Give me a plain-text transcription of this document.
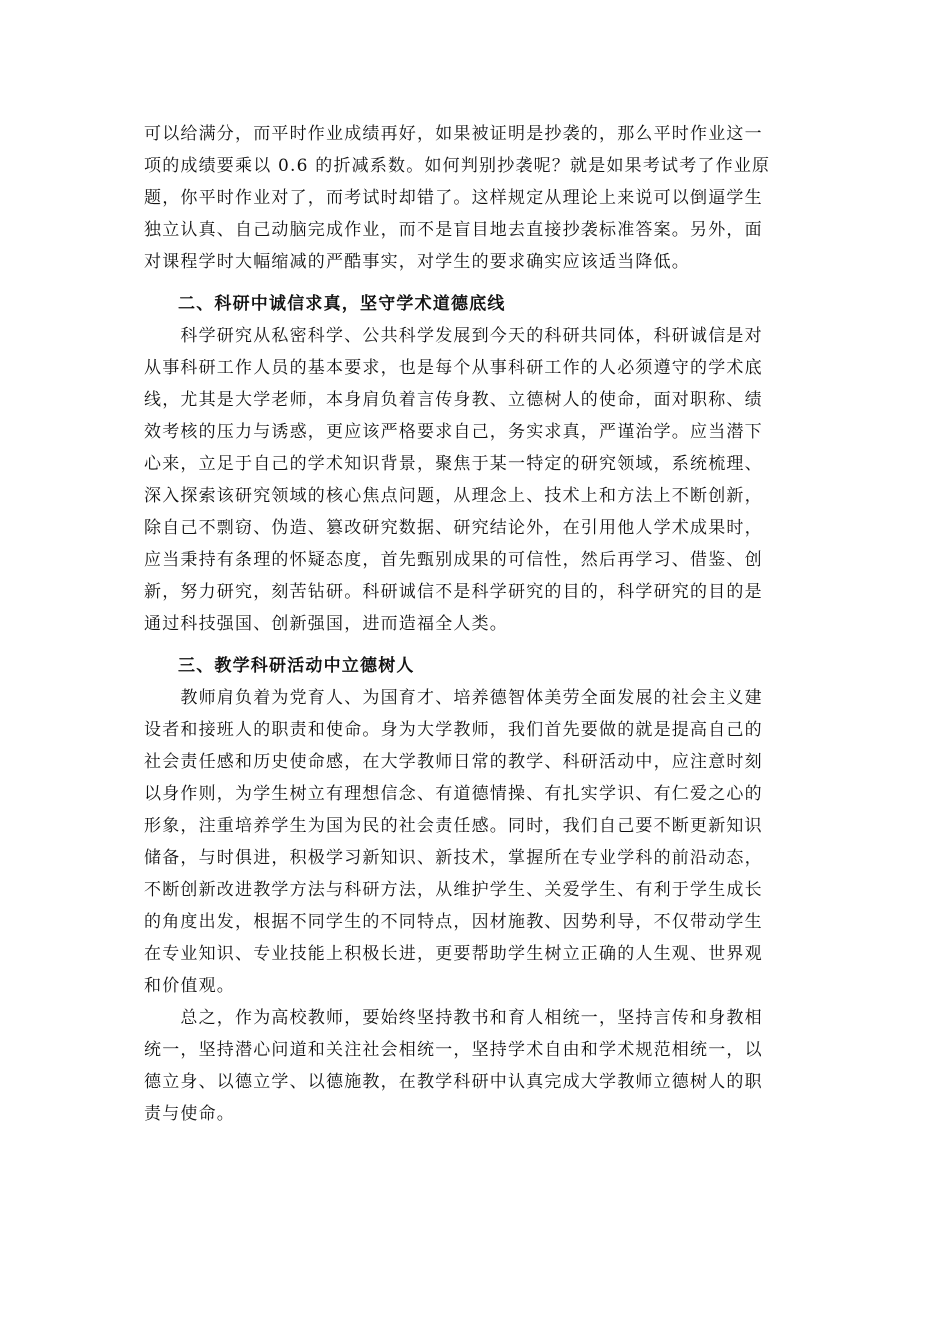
可以给满分，而平时作业成绩再好，如果被证明是抄袭的，那么平时作业这一
项的成绩要乘以 0.6 的折减系数。如何判别抄袭呢？就是如果考试考了作业原
题，你平时作业对了，而考试时却错了。这样规定从理论上来说可以倒逼学生
独立认真、自己动脑完成作业，而不是盲目地去直接抄袭标准答案。另外，面
对课程学时大幅缩减的严酷事实，对学生的要求确实应该适当降低。
二、科研中诚信求真，坚守学术道德底线
　　科学研究从私密科学、公共科学发展到今天的科研共同体，科研诚信是对
从事科研工作人员的基本要求，也是每个从事科研工作的人必须遵守的学术底
线，尤其是大学老师，本身肩负着言传身教、立德树人的使命，面对职称、绩
效考核的压力与诱惑，更应该严格要求自己，务实求真，严谨治学。应当潜下
心来，立足于自己的学术知识背景，聚焦于某一特定的研究领域，系统梳理、
深入探索该研究领域的核心焦点问题，从理念上、技术上和方法上不断创新，
除自己不剽窃、伪造、篡改研究数据、研究结论外，在引用他人学术成果时，
应当秉持有条理的怀疑态度，首先甄别成果的可信性，然后再学习、借鉴、创
新，努力研究，刻苦钻研。科研诚信不是科学研究的目的，科学研究的目的是
通过科技强国、创新强国，进而造福全人类。
三、教学科研活动中立德树人
　　教师肩负着为党育人、为国育才、培养德智体美劳全面发展的社会主义建
设者和接班人的职责和使命。身为大学教师，我们首先要做的就是提高自己的
社会责任感和历史使命感，在大学教师日常的教学、科研活动中，应注意时刻
以身作则，为学生树立有理想信念、有道德情操、有扎实学识、有仁爱之心的
形象，注重培养学生为国为民的社会责任感。同时，我们自己要不断更新知识
储备，与时俱进，积极学习新知识、新技术，掌握所在专业学科的前沿动态，
不断创新改进教学方法与科研方法，从维护学生、关爱学生、有利于学生成长
的角度出发，根据不同学生的不同特点，因材施教、因势利导，不仅带动学生
在专业知识、专业技能上积极长进，更要帮助学生树立正确的人生观、世界观
和价值观。
　　总之，作为高校教师，要始终坚持教书和育人相统一，坚持言传和身教相
统一，坚持潜心问道和关注社会相统一，坚持学术自由和学术规范相统一，以
德立身、以德立学、以德施教，在教学科研中认真完成大学教师立德树人的职
责与使命。
